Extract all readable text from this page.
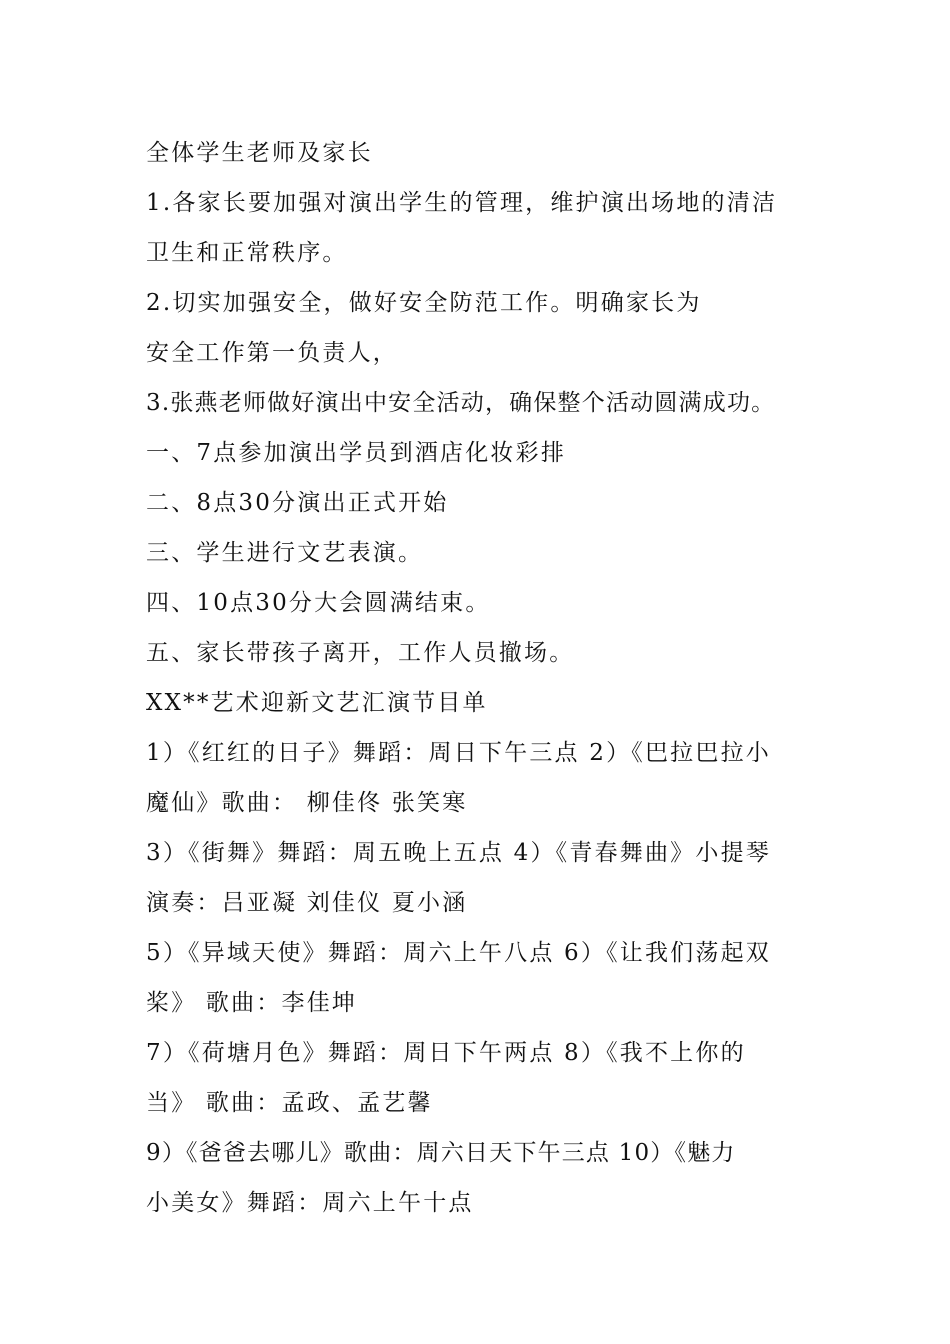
全体学生老师及家长
1.各家长要加强对演出学生的管理，维护演出场地的清洁
卫生和正常秩序。
2.切实加强安全，做好安全防范工作。明确家长为
安全工作第一负责人，
3.张燕老师做好演出中安全活动，确保整个活动圆满成功。
一、7点参加演出学员到酒店化妆彩排
二、8点30分演出正式开始
三、学生进行文艺表演。
四、10点30分大会圆满结束。
五、家长带孩子离开，工作人员撤场。
XX**艺术迎新文艺汇演节目单
1）《红红的日子》舞蹈：周日下午三点 2）《巴拉巴拉小
魔仙》歌曲： 柳佳佟 张笑寒
3）《街舞》舞蹈：周五晚上五点 4）《青春舞曲》小提琴
演奏：吕亚凝 刘佳仪 夏小涵
5）《异域天使》舞蹈：周六上午八点 6）《让我们荡起双
桨》 歌曲：李佳坤
7）《荷塘月色》舞蹈：周日下午两点 8）《我不上你的
当》 歌曲：孟政、孟艺馨
9）《爸爸去哪儿》歌曲：周六日天下午三点 10）《魅力
小美女》舞蹈：周六上午十点
